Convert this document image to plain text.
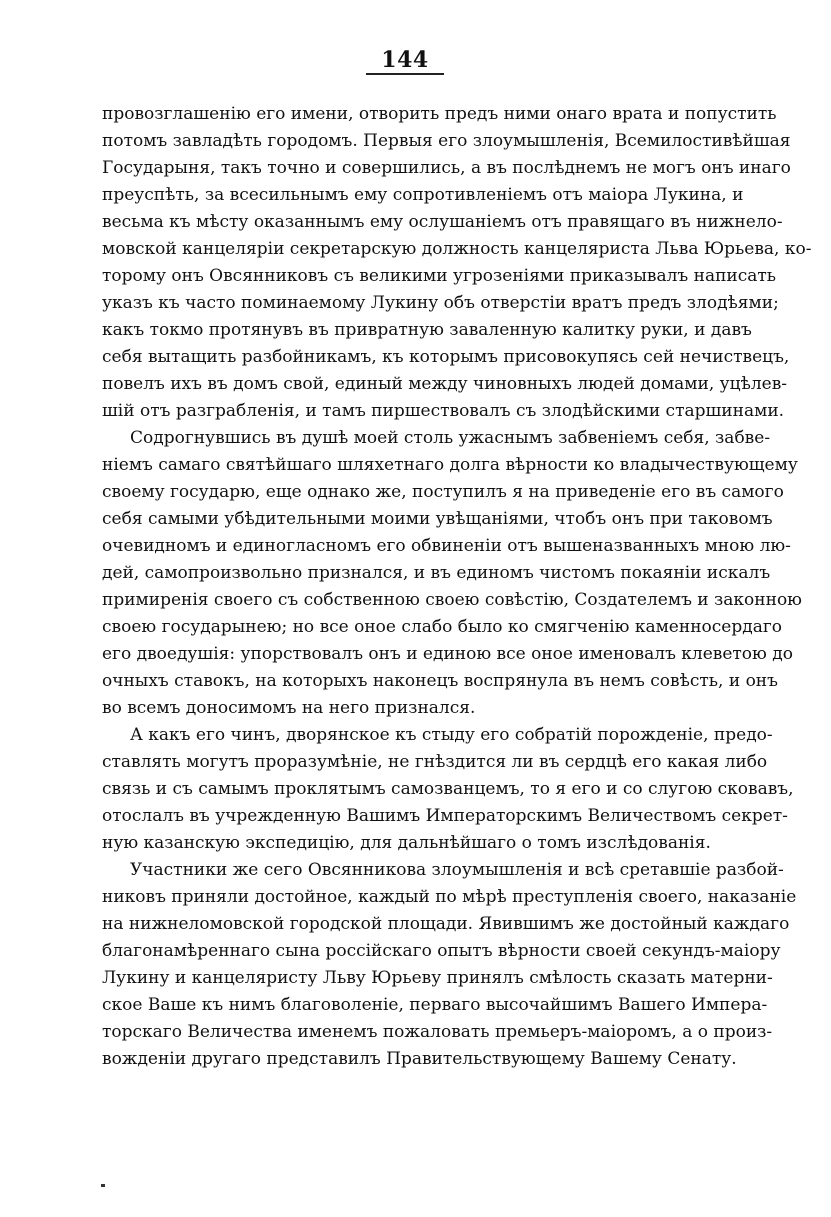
144
провозглашенію его имени, отворить предъ ними онаго врата и попустить
потомъ завладѣть городомъ. Первыя его злоумышленія, Всемилостивѣйшая
Государыня, такъ точно и совершились, а въ послѣднемъ не могъ онъ инаго
преуспѣть, за всесильнымъ ему сопротивленіемъ отъ маіора Лукина, и
весьма къ мѣсту оказаннымъ ему ослушаніемъ отъ правящаго въ нижнело-
мовской канцеляріи секретарскую должность канцеляриста Льва Юрьева, ко-
торому онъ Овсянниковъ съ великими угрозеніями приказывалъ написать
указъ къ часто поминаемому Лукину объ отверстіи вратъ предъ злодѣями;
какъ токмо протянувъ въ привратную заваленную калитку руки, и давъ
себя вытащить разбойникамъ, къ которымъ присовокупясь сей нечиствецъ,
повелъ ихъ въ домъ свой, единый между чиновныхъ людей домами, уцѣлев-
шій отъ разграбленія, и тамъ пиршествовалъ съ злодѣйскими старшинами.
Содрогнувшись въ душѣ моей столь ужаснымъ забвеніемъ себя, забве-
ніемъ самаго святѣйшаго шляхетнаго долга вѣрности ко владычествующему
своему государю, еще однако же, поступилъ я на приведеніе его въ самого
себя самыми убѣдительными моими увѣщаніями, чтобъ онъ при таковомъ
очевидномъ и единогласномъ его обвиненіи отъ вышеназванныхъ мною лю-
дей, самопроизвольно признался, и въ единомъ чистомъ покаяніи искалъ
примиренія своего съ собственною своею совѣстію, Создателемъ и законною
своею государынею; но все оное слабо было ко смягченію каменносердаго
его двоедушія: упорствовалъ онъ и единою все оное именовалъ клеветою до
очныхъ ставокъ, на которыхъ наконецъ воспрянула въ немъ совѣсть, и онъ
во всемъ доносимомъ на него признался.
А какъ его чинъ, дворянское къ стыду его собратій порожденіе, предо-
ставлять могутъ проразумѣніе, не гнѣздится ли въ сердцѣ его какая либо
связь и съ самымъ проклятымъ самозванцемъ, то я его и со слугою сковавъ,
отослалъ въ учрежденную Вашимъ Императорскимъ Величествомъ секрет-
ную казанскую экспедицію, для дальнѣйшаго о томъ изслѣдованія.
Участники же сего Овсянникова злоумышленія и всѣ сретавшіе разбой-
никовъ приняли достойное, каждый по мѣрѣ преступленія своего, наказаніе
на нижнеломовской городской площади. Явившимъ же достойный каждаго
благонамѣреннаго сына россійскаго опытъ вѣрности своей секундъ-маіору
Лукину и канцеляристу Льву Юрьеву принялъ смѣлость сказать матерни-
ское Ваше къ нимъ благоволеніе, перваго высочайшимъ Вашего Импера-
торскаго Величества именемъ пожаловать премьеръ-маіоромъ, а о произ-
вожденіи другаго представилъ Правительствующему Вашему Сенату.
